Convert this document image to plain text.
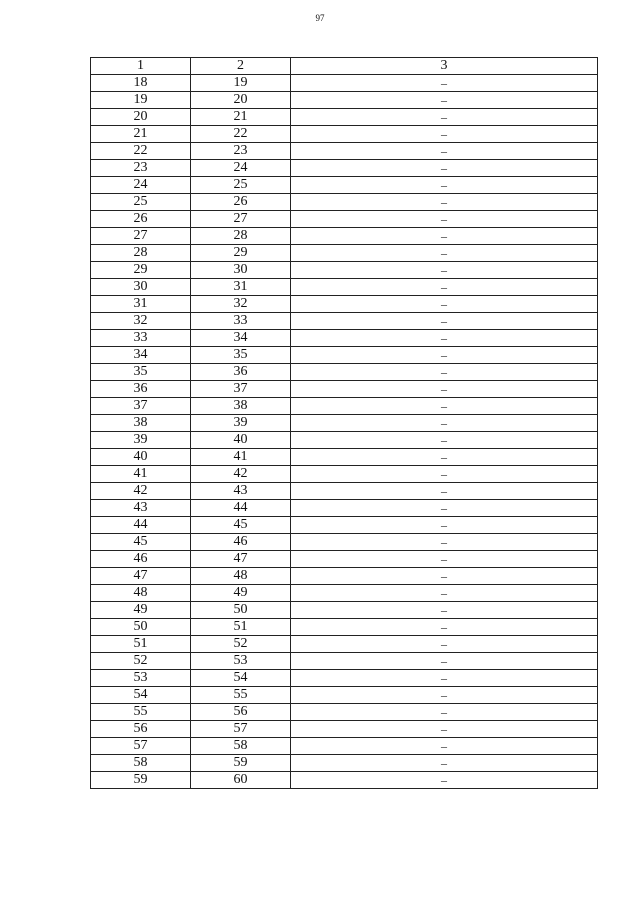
97
1	2	3
18	19	–
19	20	–
20	21	–
21	22	–
22	23	–
23	24	–
24	25	–
25	26	–
26	27	–
27	28	–
28	29	–
29	30	–
30	31	–
31	32	–
32	33	–
33	34	–
34	35	–
35	36	–
36	37	–
37	38	–
38	39	–
39	40	–
40	41	–
41	42	–
42	43	–
43	44	–
44	45	–
45	46	–
46	47	–
47	48	–
48	49	–
49	50	–
50	51	–
51	52	–
52	53	–
53	54	–
54	55	–
55	56	–
56	57	–
57	58	–
58	59	–
59	60	–
